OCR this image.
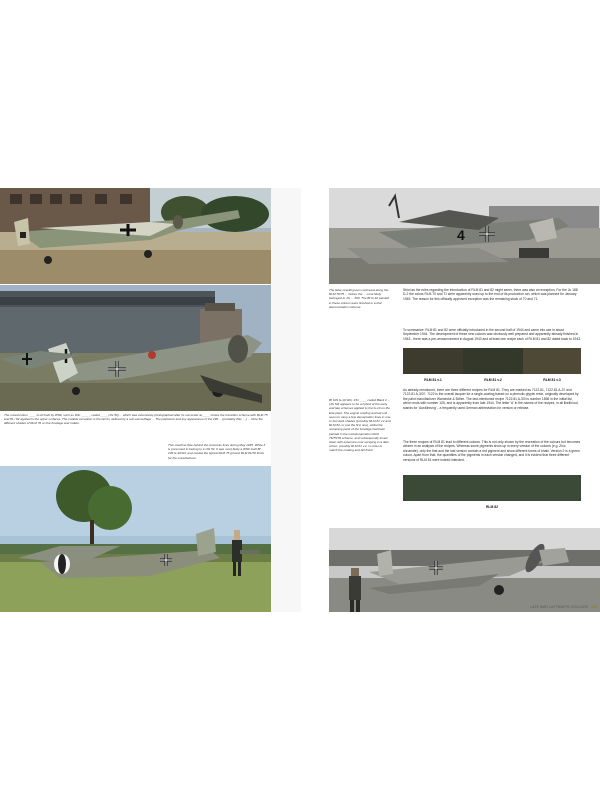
The mixed-colour ____ G-10 built by WNF, such as Wkr. ____ , coded ____ (JG 52) ... which was extensively photographed after its surrender at ____ shows the transition scheme with RLM 75 and 81 / 82 applied to the upper surfaces. The notable exception is the tail fin, defined by a sub-camouflage ... The paintwork and tiny appearance of Fw 190 ... (probably Wkr. ...) ... Note the different shades of RLM 76 on the fuselage and rudder.
This machine flew behind the American lines during May 1945. White 3 is presumed to belong to 2./JG 52. It was most likely a WNF-built Bf 109 G-10/U4, and carried the typical RLM 75 ground RLM 81/76 finish for the manufacturer.
4
The false overall green continued along the RLM 76/75 ... Notice the ... most likely belonged to JG ... 300. The Bf G-10 painted in these colours were finished in a trial demonstration scheme.
Strict as the rules regarding the introduction of RLM 81 and 82 might seem, there was also an exception. For the Ju 188 D-2 the colors RLM 70 and 71 were apparently used up to the end of its production run, which was planned for January 1945. The reason for this officially approved exception was the remaining stock of 70 and 71.
To summarize: RLM 81 and 82 were officially introduced in the second half of 1944 and came into use in about September 1944. The development of these new colours was obviously well prepared and apparently already finished in 1943 - there was a pre-announcement in August 1943 and at least one recipe each of RLM 81 and 82 dated back to 1943.
RLM 81 v.1	RLM 81 v.2	RLM 81 v.3
Bf 109 G-10 Wkr. 151 ____ coded Black 2 ... (JG 52) appears to be a hybrid of the early and late schemes applied to the G-10 on the Erla plant. The engine cowling and tail unit seem to carry a few demarcation lines in one or two dark shades (possibly RLM 81 v.2 and RLM 82, or just the first one), whilst the remaining parts of the fuselage had been painted in the mid-demarcation RLM 76/75/76 scheme, and subsequently toned down with extensive over-spraying in a dark colour, possibly RLM 81 v.2, in order to match the cowling and tail finish.
As already mentioned, there are three different recipes for RLM 81. They are marked as 7122.81, 7122.81 A-3? and 7122.81 A-3/0?. 7122 is the overall lacquer for a single-coating based on a phenolic glyptic resin, originally developed by the paint manufacturer Warnecke & Böhm. The last-mentioned recipe 7122.81 A-3/0 is number 1856 in the initial list, which ends with number 105, and is apparently from late 1944. The letter 'A' in the names of the recipes, in all likelihood, stands for 'Ausführung' - a frequently used German abbreviation for version or release.
The three recipes of RLM 81 lead to different colours. This is not only shown by the recreation of the colours but becomes clearer in an analysis of the recipes. Whereas some pigments show up in every version of the colours (e.g. Zinc chromate), only the first and the last version contain a red pigment and show different forms of khaki. Version 2 is a green colour. Apart from that, the quantities of the pigments in each version changed, and it is evident that three different versions of RLM 81 were indeed intended.
RLM 82
LATE WAR LUFTWAFFE COLOURS 109
